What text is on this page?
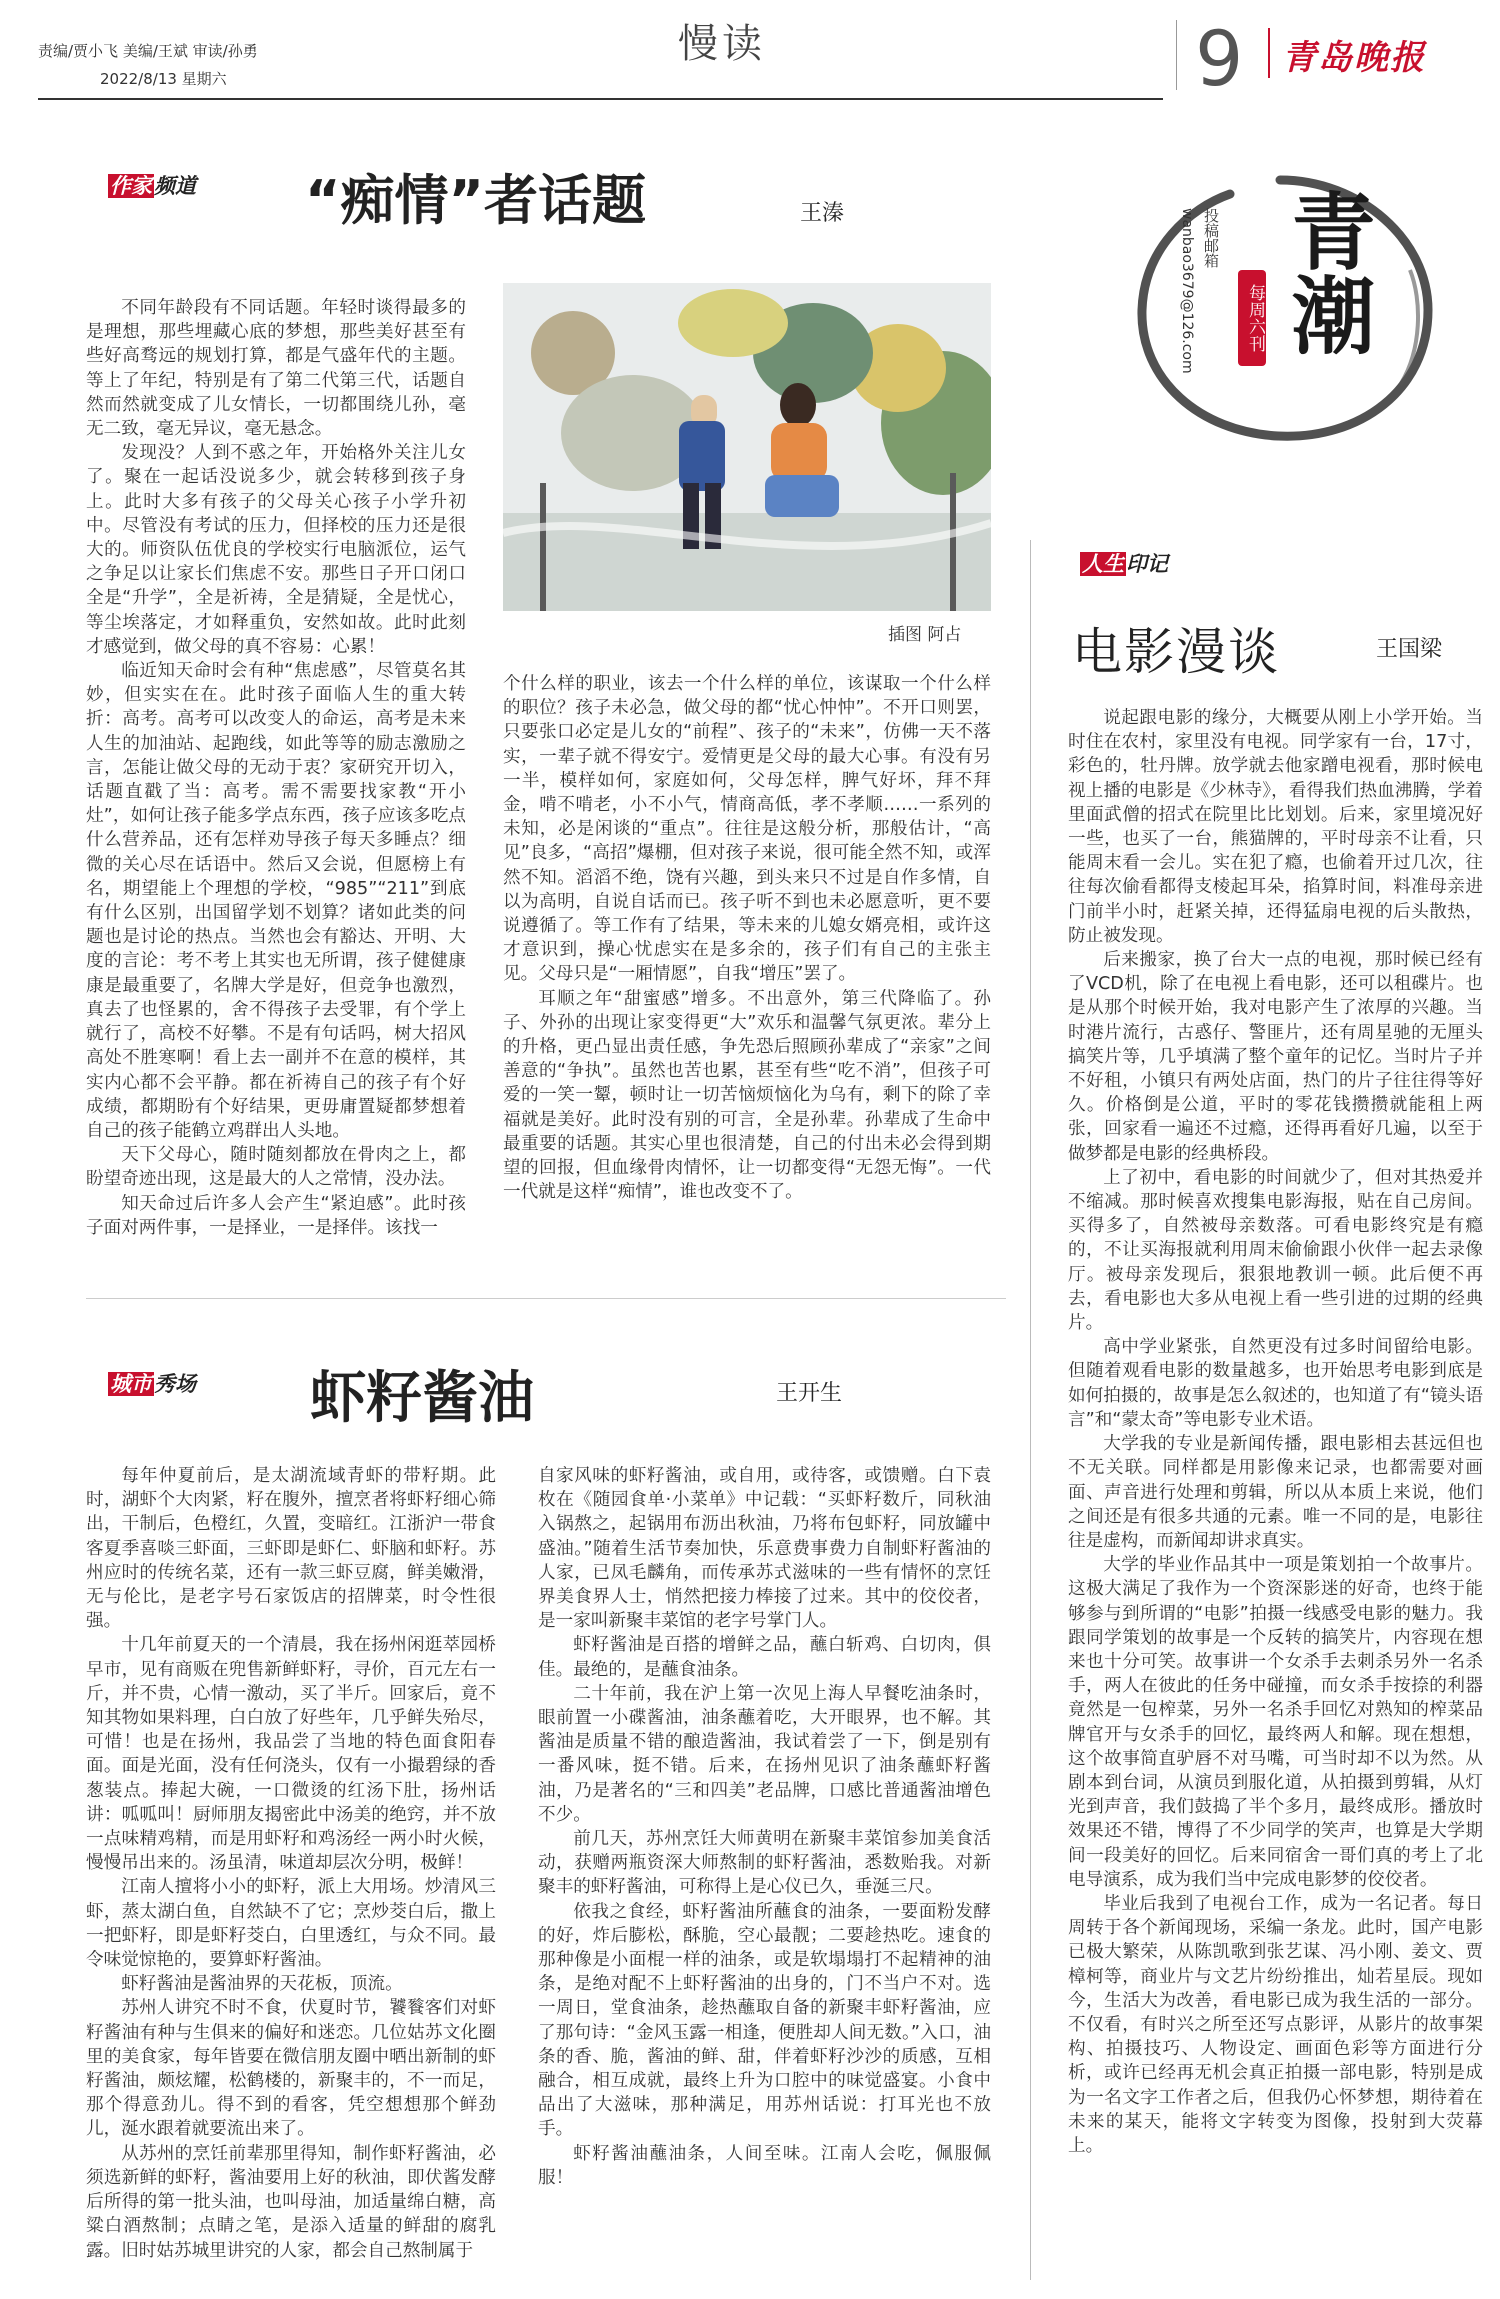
责编/贾小飞 美编/王斌 审读/孙勇
2022/8/13 星期六
慢读	9 青岛晚报
青潮
每周六刊
投稿邮箱
wanbao3679@126.com
作家频道 “痴情”者话题	王溱
插图 阿占

不同年龄段有不同话题。年轻时谈得最多的是理想，那些埋藏心底的梦想，那些美好甚至有些好高骛远的规划打算，都是气盛年代的主题。等上了年纪，特别是有了第二代第三代，话题自然而然就变成了儿女情长，一切都围绕儿孙，毫无二致，毫无异议，毫无悬念。

发现没？人到不惑之年，开始格外关注儿女了。聚在一起话没说多少，就会转移到孩子身上。此时大多有孩子的父母关心孩子小学升初中。尽管没有考试的压力，但择校的压力还是很大的。师资队伍优良的学校实行电脑派位，运气之争足以让家长们焦虑不安。那些日子开口闭口全是“升学”，全是祈祷，全是猜疑，全是忧心，等尘埃落定，才如释重负，安然如故。此时此刻才感觉到，做父母的真不容易：心累！

临近知天命时会有种“焦虑感”，尽管莫名其妙，但实实在在。此时孩子面临人生的重大转折：高考。高考可以改变人的命运，高考是未来人生的加油站、起跑线，如此等等的励志激励之言，怎能让做父母的无动于衷？家研究开切入，话题直戳了当：高考。需不需要找家教“开小灶”，如何让孩子能多学点东西，孩子应该多吃点什么营养品，还有怎样劝导孩子每天多睡点？细微的关心尽在话语中。然后又会说，但愿榜上有名，期望能上个理想的学校，“985”“211”到底有什么区别，出国留学划不划算？诸如此类的问题也是讨论的热点。当然也会有豁达、开明、大度的言论：考不考上其实也无所谓，孩子健健康康是最重要了，名牌大学是好，但竞争也激烈，真去了也怪累的，舍不得孩子去受罪，有个学上就行了，高校不好攀。不是有句话吗，树大招风高处不胜寒啊！看上去一副并不在意的模样，其实内心都不会平静。都在祈祷自己的孩子有个好成绩，都期盼有个好结果，更毋庸置疑都梦想着自己的孩子能鹤立鸡群出人头地。

天下父母心，随时随刻都放在骨肉之上，都盼望奇迹出现，这是最大的人之常情，没办法。

知天命过后许多人会产生“紧迫感”。此时孩子面对两件事，一是择业，一是择伴。该找一

个什么样的职业，该去一个什么样的单位，该谋取一个什么样的职位？孩子未必急，做父母的都“忧心忡忡”。不开口则罢，只要张口必定是儿女的“前程”、孩子的“未来”，仿佛一天不落实，一辈子就不得安宁。爱情更是父母的最大心事。有没有另一半，模样如何，家庭如何，父母怎样，脾气好坏，拜不拜金，啃不啃老，小不小气，情商高低，孝不孝顺……一系列的未知，必是闲谈的“重点”。往往是这般分析，那般估计，“高见”良多，“高招”爆棚，但对孩子来说，很可能全然不知，或浑然不知。滔滔不绝，饶有兴趣，到头来只不过是自作多情，自以为高明，自说自话而已。孩子听不到也未必愿意听，更不要说遵循了。等工作有了结果，等未来的儿媳女婿亮相，或许这才意识到，操心忧虑实在是多余的，孩子们有自己的主张主见。父母只是“一厢情愿”，自我“增压”罢了。

耳顺之年“甜蜜感”增多。不出意外，第三代降临了。孙子、外孙的出现让家变得更“大”欢乐和温馨气氛更浓。辈分上的升格，更凸显出责任感，争先恐后照顾孙辈成了“亲家”之间善意的“争执”。虽然也苦也累，甚至有些“吃不消”，但孩子可爱的一笑一颦，顿时让一切苦恼烦恼化为乌有，剩下的除了幸福就是美好。此时没有别的可言，全是孙辈。孙辈成了生命中最重要的话题。其实心里也很清楚，自己的付出未必会得到期望的回报，但血缘骨肉情怀，让一切都变得“无怨无悔”。一代一代就是这样“痴情”，谁也改变不了。

城市秀场 虾籽酱油	王开生

每年仲夏前后，是太湖流域青虾的带籽期。此时，湖虾个大肉紧，籽在腹外，擅烹者将虾籽细心筛出，干制后，色橙红，久置，变暗红。江浙沪一带食客夏季喜啖三虾面，三虾即是虾仁、虾脑和虾籽。苏州应时的传统名菜，还有一款三虾豆腐，鲜美嫩滑，无与伦比，是老字号石家饭店的招牌菜，时令性很强。

十几年前夏天的一个清晨，我在扬州闲逛萃园桥早市，见有商贩在兜售新鲜虾籽，寻价，百元左右一斤，并不贵，心情一激动，买了半斤。回家后，竟不知其物如果料理，白白放了好些年，几乎鲜失殆尽，可惜！也是在扬州，我品尝了当地的特色面食阳春面。面是光面，没有任何浇头，仅有一小撮碧绿的香葱装点。捧起大碗，一口微烫的红汤下肚，扬州话讲：呱呱叫！厨师朋友揭密此中汤美的绝窍，并不放一点味精鸡精，而是用虾籽和鸡汤经一两小时火候，慢慢吊出来的。汤虽清，味道却层次分明，极鲜！

江南人擅将小小的虾籽，派上大用场。炒清风三虾，蒸太湖白鱼，自然缺不了它；烹炒茭白后，撒上一把虾籽，即是虾籽茭白，白里透红，与众不同。最令味觉惊艳的，要算虾籽酱油。

虾籽酱油是酱油界的天花板，顶流。

苏州人讲究不时不食，伏夏时节，饕餮客们对虾籽酱油有种与生俱来的偏好和迷恋。几位姑苏文化圈里的美食家，每年皆要在微信朋友圈中晒出新制的虾籽酱油，颇炫耀，松鹤楼的，新聚丰的，不一而足，那个得意劲儿。得不到的看客，凭空想想那个鲜劲儿，涎水跟着就要流出来了。

从苏州的烹饪前辈那里得知，制作虾籽酱油，必须选新鲜的虾籽，酱油要用上好的秋油，即伏酱发酵后所得的第一批头油，也叫母油，加适量绵白糖，高粱白酒熬制；点睛之笔，是添入适量的鲜甜的腐乳露。旧时姑苏城里讲究的人家，都会自己熬制属于

自家风味的虾籽酱油，或自用，或待客，或馈赠。白下袁枚在《随园食单·小菜单》中记载：“买虾籽数斤，同秋油入锅熬之，起锅用布沥出秋油，乃将布包虾籽，同放罐中盛油。”随着生活节奏加快，乐意费事费力自制虾籽酱油的人家，已凤毛麟角，而传承苏式滋味的一些有情怀的烹饪界美食界人士，悄然把接力棒接了过来。其中的佼佼者，是一家叫新聚丰菜馆的老字号掌门人。

虾籽酱油是百搭的增鲜之品，蘸白斩鸡、白切肉，俱佳。最绝的，是蘸食油条。

二十年前，我在沪上第一次见上海人早餐吃油条时，眼前置一小碟酱油，油条蘸着吃，大开眼界，也不解。其酱油是质量不错的酿造酱油，我试着尝了一下，倒是别有一番风味，挺不错。后来，在扬州见识了油条蘸虾籽酱油，乃是著名的“三和四美”老品牌，口感比普通酱油增色不少。

前几天，苏州烹饪大师黄明在新聚丰菜馆参加美食活动，获赠两瓶资深大师熬制的虾籽酱油，悉数贻我。对新聚丰的虾籽酱油，可称得上是心仪已久，垂涎三尺。

依我之食经，虾籽酱油所蘸食的油条，一要面粉发酵的好，炸后膨松，酥脆，空心最靓；二要趁热吃。速食的那种像是小面棍一样的油条，或是软塌塌打不起精神的油条，是绝对配不上虾籽酱油的出身的，门不当户不对。选一周日，堂食油条，趁热蘸取自备的新聚丰虾籽酱油，应了那句诗：“金风玉露一相逢，便胜却人间无数。”入口，油条的香、脆，酱油的鲜、甜，伴着虾籽沙沙的质感，互相融合，相互成就，最终上升为口腔中的味觉盛宴。小食中品出了大滋味，那种满足，用苏州话说：打耳光也不放手。

虾籽酱油蘸油条，人间至味。江南人会吃，佩服佩服！

人生印记
电影漫谈	王国梁

说起跟电影的缘分，大概要从刚上小学开始。当时住在农村，家里没有电视。同学家有一台，17寸，彩色的，牡丹牌。放学就去他家蹭电视看，那时候电视上播的电影是《少林寺》，看得我们热血沸腾，学着里面武僧的招式在院里比比划划。后来，家里境况好一些，也买了一台，熊猫牌的，平时母亲不让看，只能周末看一会儿。实在犯了瘾，也偷着开过几次，往往每次偷看都得支棱起耳朵，掐算时间，料准母亲进门前半小时，赶紧关掉，还得猛扇电视的后头散热，防止被发现。

后来搬家，换了台大一点的电视，那时候已经有了VCD机，除了在电视上看电影，还可以租碟片。也是从那个时候开始，我对电影产生了浓厚的兴趣。当时港片流行，古惑仔、警匪片，还有周星驰的无厘头搞笑片等，几乎填满了整个童年的记忆。当时片子并不好租，小镇只有两处店面，热门的片子往往得等好久。价格倒是公道，平时的零花钱攒攒就能租上两张，回家看一遍还不过瘾，还得再看好几遍，以至于做梦都是电影的经典桥段。

上了初中，看电影的时间就少了，但对其热爱并不缩减。那时候喜欢搜集电影海报，贴在自己房间。买得多了，自然被母亲数落。可看电影终究是有瘾的，不让买海报就利用周末偷偷跟小伙伴一起去录像厅。被母亲发现后，狠狠地教训一顿。此后便不再去，看电影也大多从电视上看一些引进的过期的经典片。

高中学业紧张，自然更没有过多时间留给电影。但随着观看电影的数量越多，也开始思考电影到底是如何拍摄的，故事是怎么叙述的，也知道了有“镜头语言”和“蒙太奇”等电影专业术语。

大学我的专业是新闻传播，跟电影相去甚远但也不无关联。同样都是用影像来记录，也都需要对画面、声音进行处理和剪辑，所以从本质上来说，他们之间还是有很多共通的元素。唯一不同的是，电影往往是虚构，而新闻却讲求真实。

大学的毕业作品其中一项是策划拍一个故事片。这极大满足了我作为一个资深影迷的好奇，也终于能够参与到所谓的“电影”拍摄一线感受电影的魅力。我跟同学策划的故事是一个反转的搞笑片，内容现在想来也十分可笑。故事讲一个女杀手去刺杀另外一名杀手，两人在彼此的任务中碰撞，而女杀手按捺的利器竟然是一包榨菜，另外一名杀手回忆对熟知的榨菜品牌官开与女杀手的回忆，最终两人和解。现在想想，这个故事简直驴唇不对马嘴，可当时却不以为然。从剧本到台词，从演员到服化道，从拍摄到剪辑，从灯光到声音，我们鼓捣了半个多月，最终成形。播放时效果还不错，博得了不少同学的笑声，也算是大学期间一段美好的回忆。后来同宿舍一哥们真的考上了北电导演系，成为我们当中完成电影梦的佼佼者。

毕业后我到了电视台工作，成为一名记者。每日周转于各个新闻现场，采编一条龙。此时，国产电影已极大繁荣，从陈凯歌到张艺谋、冯小刚、姜文、贾樟柯等，商业片与文艺片纷纷推出，灿若星辰。现如今，生活大为改善，看电影已成为我生活的一部分。不仅看，有时兴之所至还写点影评，从影片的故事架构、拍摄技巧、人物设定、画面色彩等方面进行分析，或许已经再无机会真正拍摄一部电影，特别是成为一名文字工作者之后，但我仍心怀梦想，期待着在未来的某天，能将文字转变为图像，投射到大荧幕上。
